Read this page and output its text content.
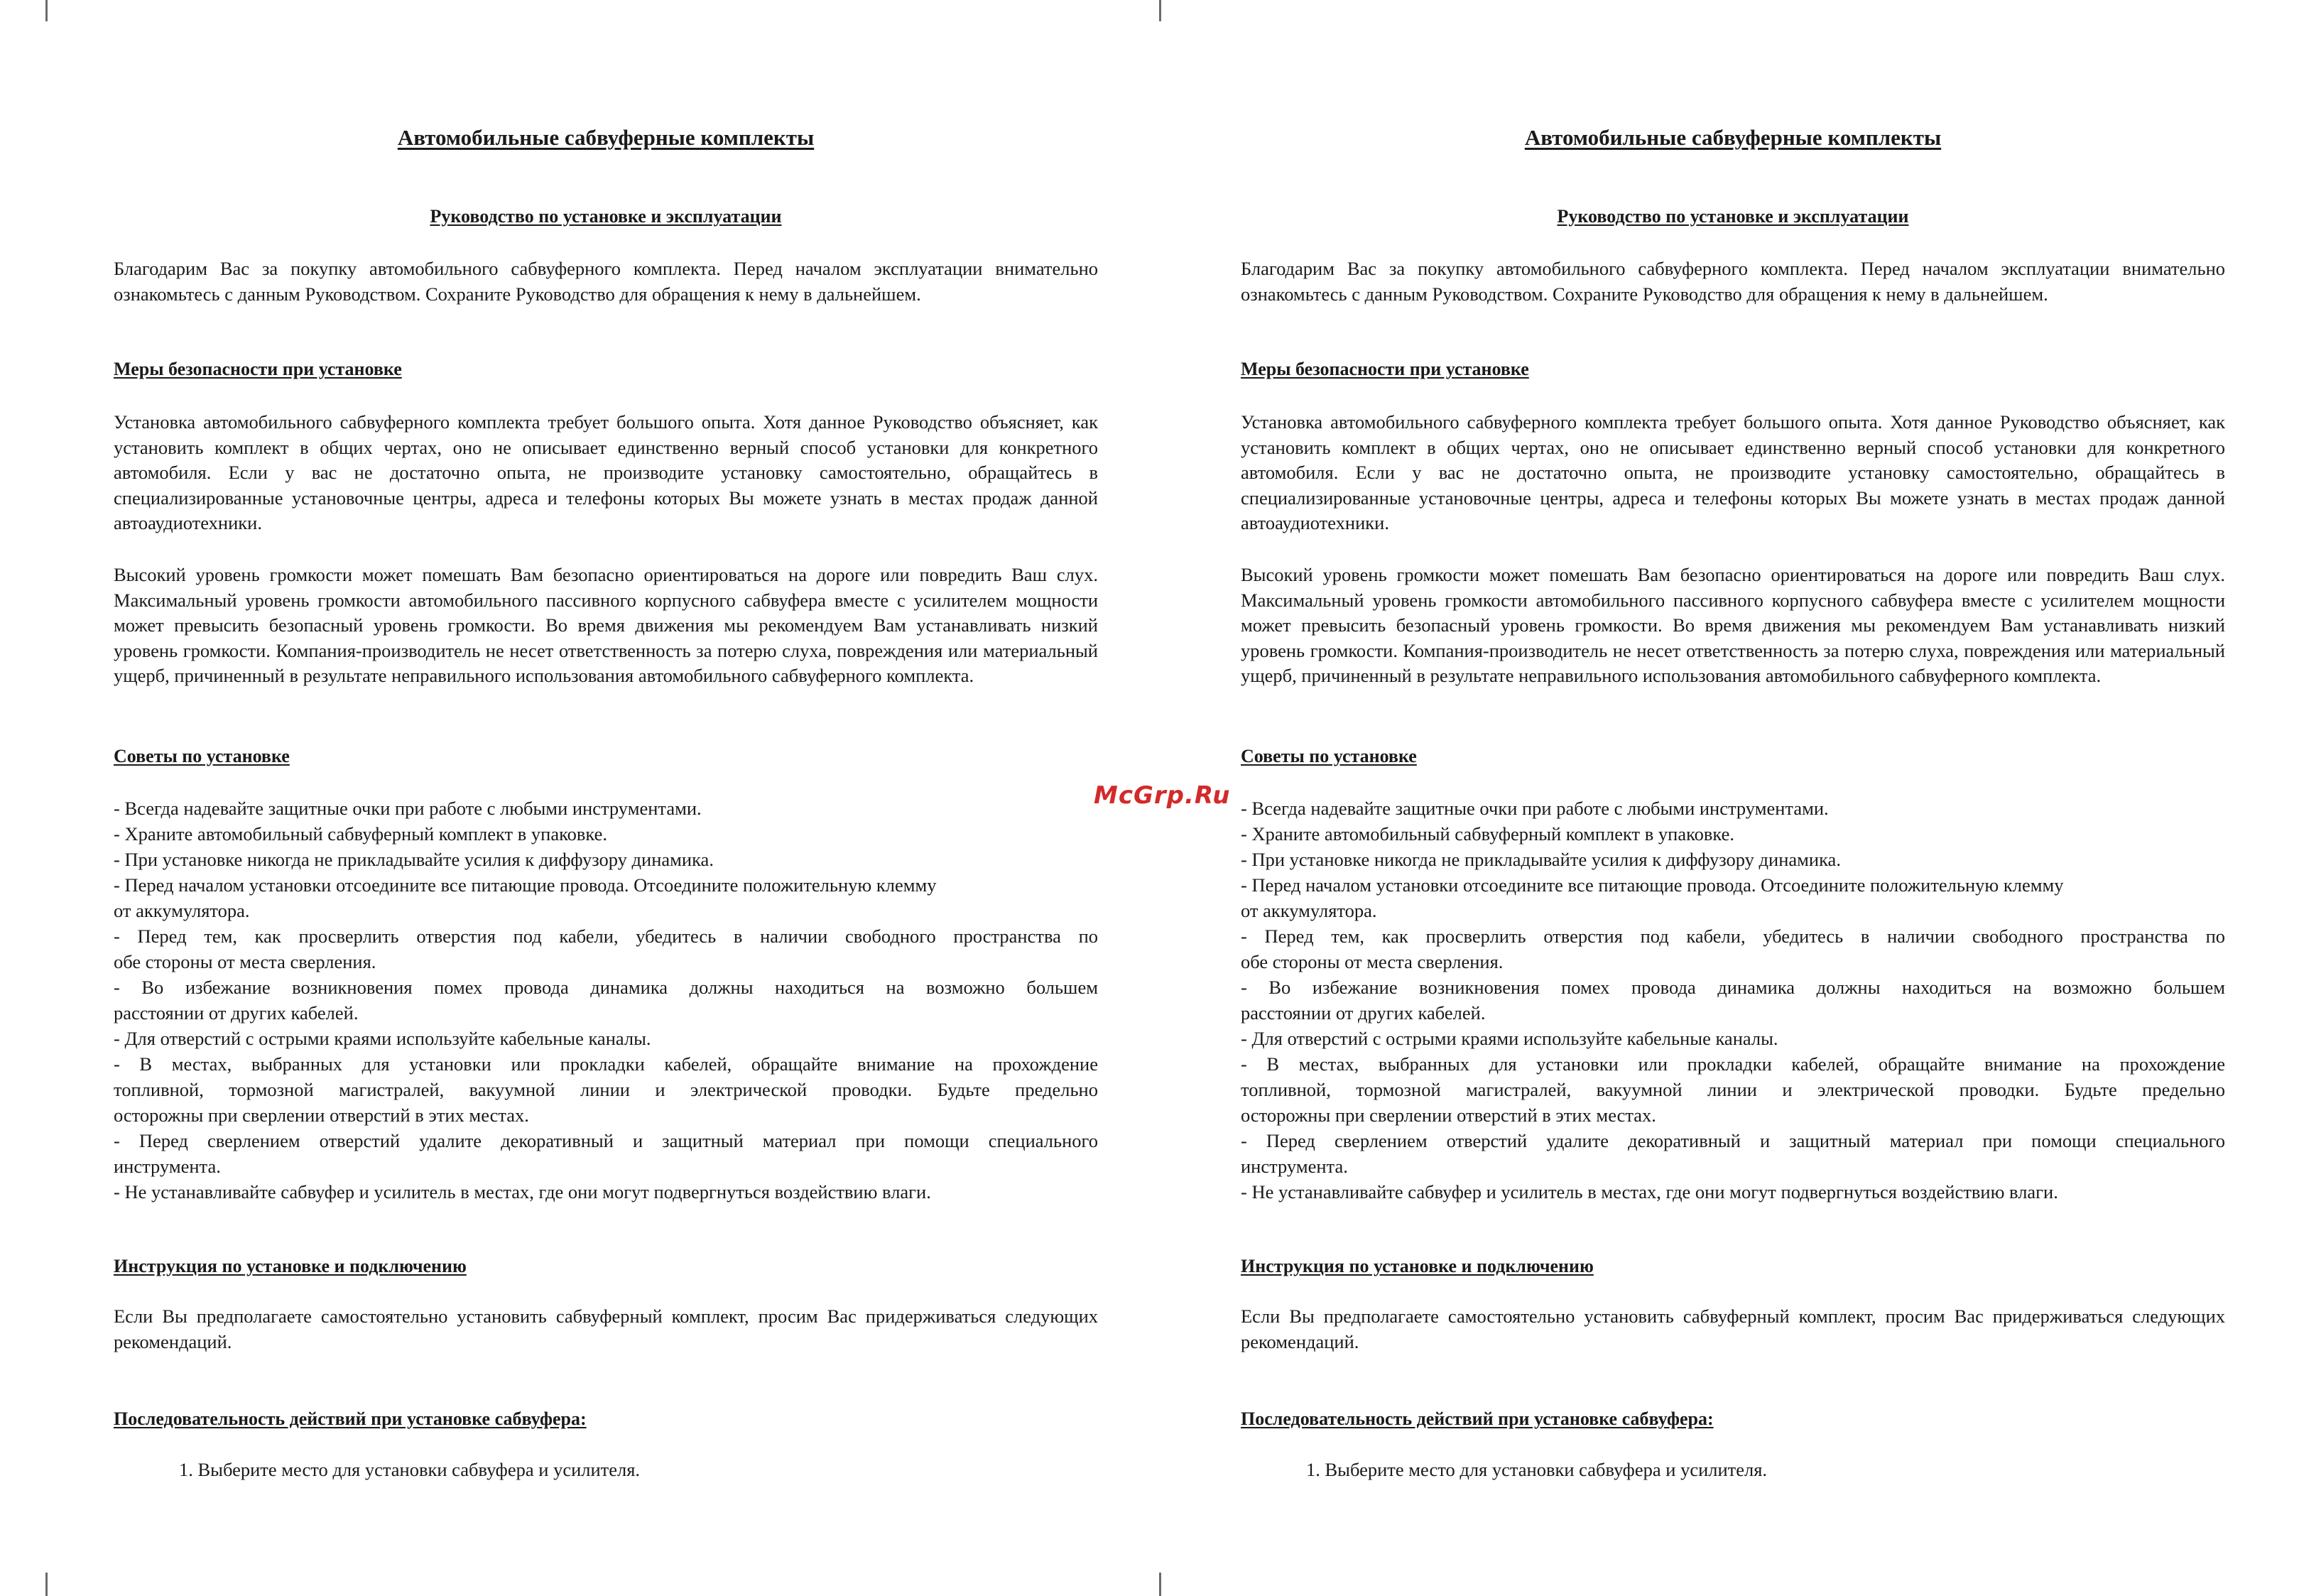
Автомобильные сабвуферные комплекты

Руководство по установке и эксплуатации

Благодарим Вас за покупку автомобильного сабвуферного комплекта. Перед началом эксплуатации внимательно ознакомьтесь с данным Руководством. Сохраните Руководство для обращения к нему в дальнейшем.

Меры безопасности при установке

Установка автомобильного сабвуферного комплекта требует большого опыта. Хотя данное Руководство объясняет, как установить комплект в общих чертах, оно не описывает единственно верный способ установки для конкретного автомобиля. Если у вас не достаточно опыта, не производите установку самостоятельно, обращайтесь в специализированные установочные центры, адреса и телефоны которых Вы можете узнать в местах продаж данной автоаудиотехники.

Высокий уровень громкости может помешать Вам безопасно ориентироваться на дороге или повредить Ваш слух. Максимальный уровень громкости автомобильного пассивного корпусного сабвуфера вместе с усилителем мощности может превысить безопасный уровень громкости. Во время движения мы рекомендуем Вам устанавливать низкий уровень громкости. Компания-производитель не несет ответственность за потерю слуха, повреждения или материальный ущерб, причиненный в результате неправильного использования автомобильного сабвуферного комплекта.

Советы по установке

- Всегда надевайте защитные очки при работе с любыми инструментами.
- Храните автомобильный сабвуферный комплект в упаковке.
- При установке никогда не прикладывайте усилия к диффузору динамика.
- Перед началом установки отсоедините все питающие провода. Отсоедините положительную клемму
от аккумулятора.
- Перед тем, как просверлить отверстия под кабели, убедитесь в наличии свободного пространства по
обе стороны от места сверления.
- Во избежание возникновения помех провода динамика должны находиться на возможно большем
расстоянии от других кабелей.
- Для отверстий с острыми краями используйте кабельные каналы.
- В местах, выбранных для установки или прокладки кабелей, обращайте внимание на прохождение
топливной, тормозной магистралей, вакуумной линии и электрической проводки. Будьте предельно
осторожны при сверлении отверстий в этих местах.
- Перед сверлением отверстий удалите декоративный и защитный материал при помощи специального
инструмента.
- Не устанавливайте сабвуфер и усилитель в местах, где они могут подвергнуться воздействию влаги.

Инструкция по установке и подключению

Если Вы предполагаете самостоятельно установить сабвуферный комплект, просим Вас придерживаться следующих рекомендаций.

Последовательность действий при установке сабвуфера:

1. Выберите место для установки сабвуфера и усилителя.

Автомобильные сабвуферные комплекты

Руководство по установке и эксплуатации

Благодарим Вас за покупку автомобильного сабвуферного комплекта. Перед началом эксплуатации внимательно ознакомьтесь с данным Руководством. Сохраните Руководство для обращения к нему в дальнейшем.

Меры безопасности при установке

Установка автомобильного сабвуферного комплекта требует большого опыта. Хотя данное Руководство объясняет, как установить комплект в общих чертах, оно не описывает единственно верный способ установки для конкретного автомобиля. Если у вас не достаточно опыта, не производите установку самостоятельно, обращайтесь в специализированные установочные центры, адреса и телефоны которых Вы можете узнать в местах продаж данной автоаудиотехники.

Высокий уровень громкости может помешать Вам безопасно ориентироваться на дороге или повредить Ваш слух. Максимальный уровень громкости автомобильного пассивного корпусного сабвуфера вместе с усилителем мощности может превысить безопасный уровень громкости. Во время движения мы рекомендуем Вам устанавливать низкий уровень громкости. Компания-производитель не несет ответственность за потерю слуха, повреждения или материальный ущерб, причиненный в результате неправильного использования автомобильного сабвуферного комплекта.

Советы по установке

- Всегда надевайте защитные очки при работе с любыми инструментами.
- Храните автомобильный сабвуферный комплект в упаковке.
- При установке никогда не прикладывайте усилия к диффузору динамика.
- Перед началом установки отсоедините все питающие провода. Отсоедините положительную клемму
от аккумулятора.
- Перед тем, как просверлить отверстия под кабели, убедитесь в наличии свободного пространства по
обе стороны от места сверления.
- Во избежание возникновения помех провода динамика должны находиться на возможно большем
расстоянии от других кабелей.
- Для отверстий с острыми краями используйте кабельные каналы.
- В местах, выбранных для установки или прокладки кабелей, обращайте внимание на прохождение
топливной, тормозной магистралей, вакуумной линии и электрической проводки. Будьте предельно
осторожны при сверлении отверстий в этих местах.
- Перед сверлением отверстий удалите декоративный и защитный материал при помощи специального
инструмента.
- Не устанавливайте сабвуфер и усилитель в местах, где они могут подвергнуться воздействию влаги.

Инструкция по установке и подключению

Если Вы предполагаете самостоятельно установить сабвуферный комплект, просим Вас придерживаться следующих рекомендаций.

Последовательность действий при установке сабвуфера:

1. Выберите место для установки сабвуфера и усилителя.

McGrp.Ru
